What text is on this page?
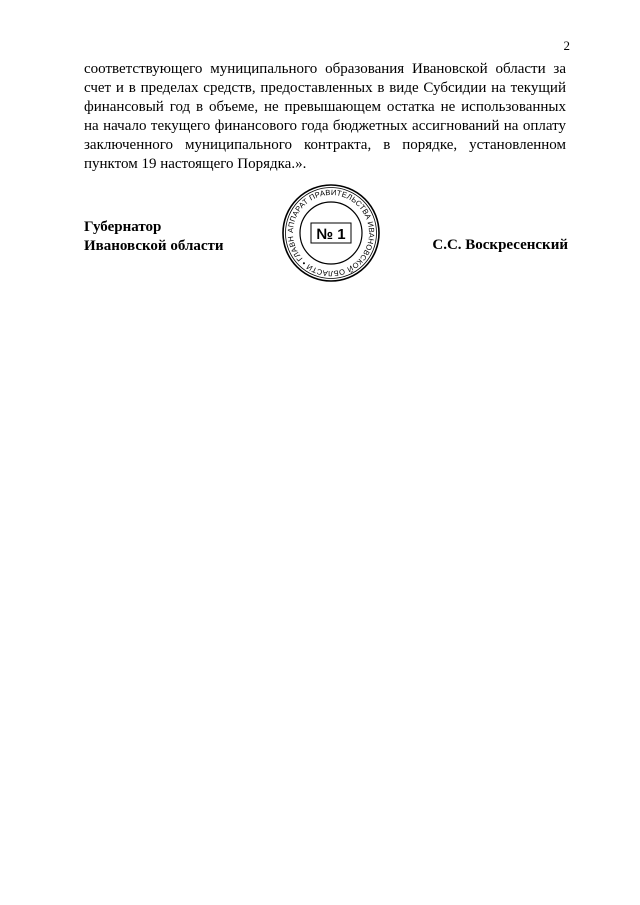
2

соответствующего муниципального образования Ивановской области за счет и в пределах средств, предоставленных в виде Субсидии на текущий финансовый год в объеме, не превышающем остатка не использованных на начало текущего финансового года бюджетных ассигнований на оплату заключенного муниципального контракта, в порядке, установленном пунктом 19 настоящего Порядка.».

Губернатор
Ивановской области
АППАРАТ ПРАВИТЕЛЬСТВА ИВАНОВСКОЙ ОБЛАСТИ • ГЛАВН	№ 1
С.С. Воскресенский
